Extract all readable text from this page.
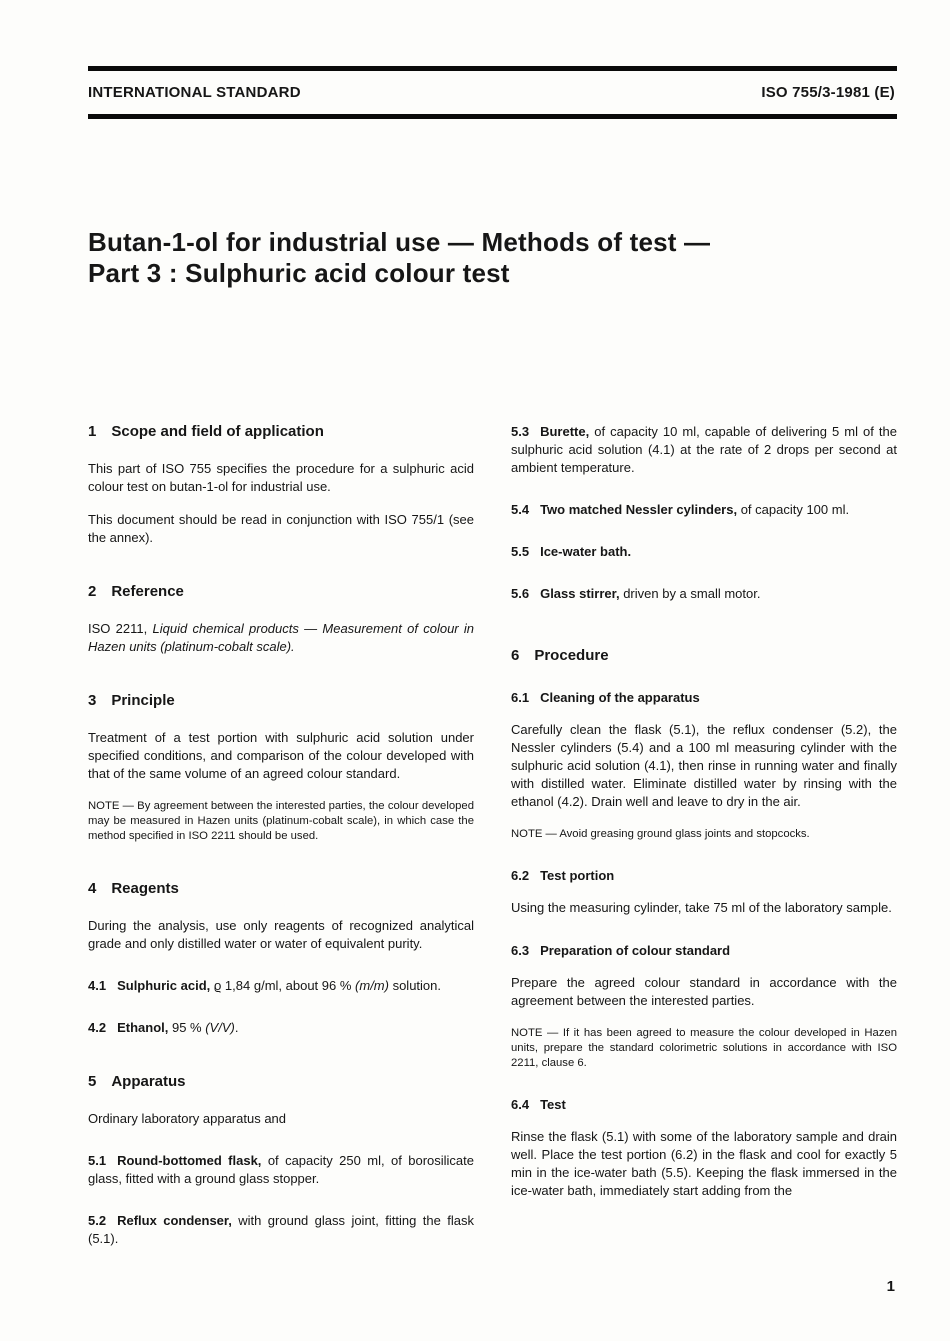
INTERNATIONAL STANDARD	ISO 755/3-1981 (E)
Butan-1-ol for industrial use — Methods of test —
Part 3 : Sulphuric acid colour test
1 Scope and field of application

This part of ISO 755 specifies the procedure for a sulphuric acid colour test on butan-1-ol for industrial use.

This document should be read in conjunction with ISO 755/1 (see the annex).

2 Reference

ISO 2211, Liquid chemical products — Measurement of colour in Hazen units (platinum-cobalt scale).

3 Principle

Treatment of a test portion with sulphuric acid solution under specified conditions, and comparison of the colour developed with that of the same volume of an agreed colour standard.

NOTE — By agreement between the interested parties, the colour developed may be measured in Hazen units (platinum-cobalt scale), in which case the method specified in ISO 2211 should be used.

4 Reagents

During the analysis, use only reagents of recognized analytical grade and only distilled water or water of equivalent purity.

4.1 Sulphuric acid, ϱ 1,84 g/ml, about 96 % (m/m) solution.

4.2 Ethanol, 95 % (V/V).

5 Apparatus

Ordinary laboratory apparatus and

5.1 Round-bottomed flask, of capacity 250 ml, of borosilicate glass, fitted with a ground glass stopper.

5.2 Reflux condenser, with ground glass joint, fitting the flask (5.1).

5.3 Burette, of capacity 10 ml, capable of delivering 5 ml of the sulphuric acid solution (4.1) at the rate of 2 drops per second at ambient temperature.

5.4 Two matched Nessler cylinders, of capacity 100 ml.

5.5 Ice-water bath.

5.6 Glass stirrer, driven by a small motor.

6 Procedure
6.1 Cleaning of the apparatus

Carefully clean the flask (5.1), the reflux condenser (5.2), the Nessler cylinders (5.4) and a 100 ml measuring cylinder with the sulphuric acid solution (4.1), then rinse in running water and finally with distilled water. Eliminate distilled water by rinsing with the ethanol (4.2). Drain well and leave to dry in the air.

NOTE — Avoid greasing ground glass joints and stopcocks.

6.2 Test portion

Using the measuring cylinder, take 75 ml of the laboratory sample.

6.3 Preparation of colour standard

Prepare the agreed colour standard in accordance with the agreement between the interested parties.

NOTE — If it has been agreed to measure the colour developed in Hazen units, prepare the standard colorimetric solutions in accordance with ISO 2211, clause 6.

6.4 Test

Rinse the flask (5.1) with some of the laboratory sample and drain well. Place the test portion (6.2) in the flask and cool for exactly 5 min in the ice-water bath (5.5). Keeping the flask immersed in the ice-water bath, immediately start adding from the

1
